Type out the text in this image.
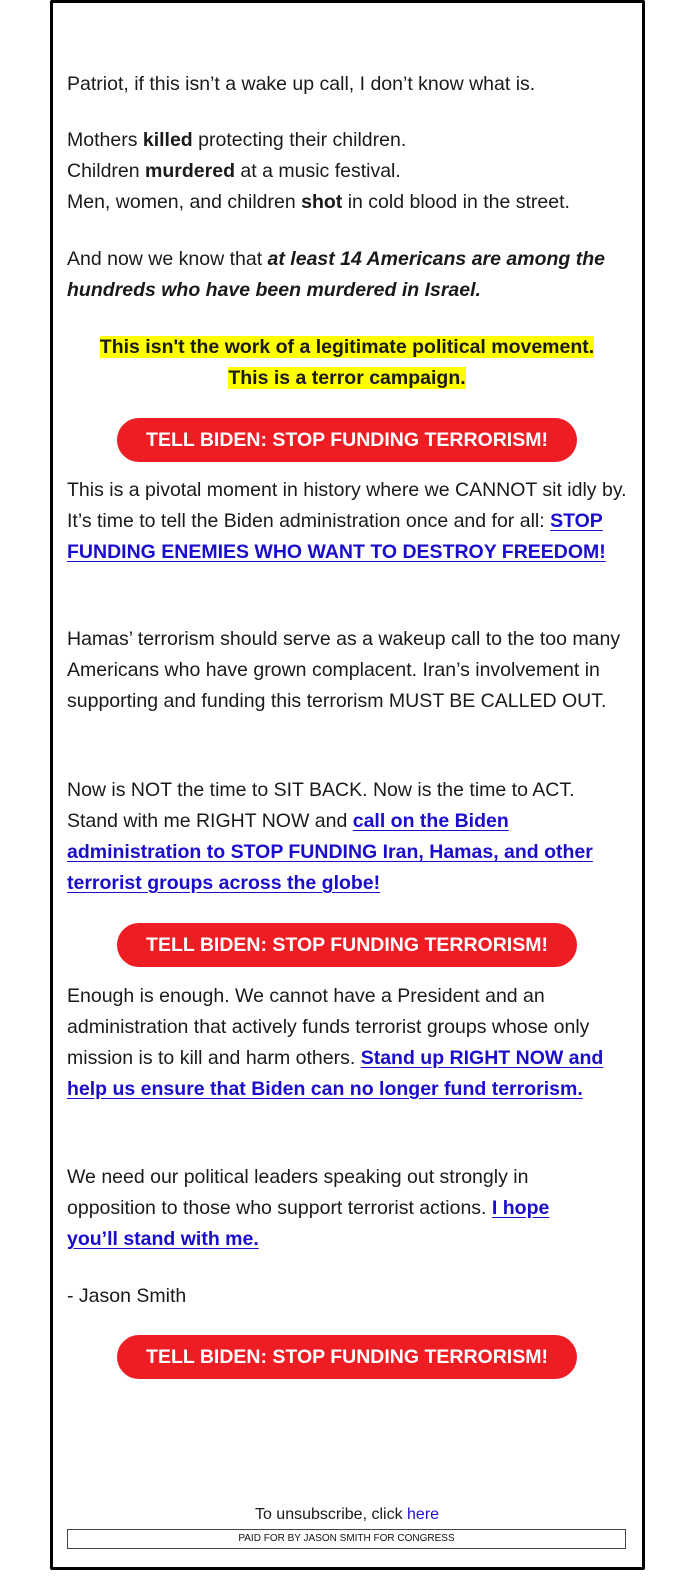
Patriot, if this isn’t a wake up call, I don’t know what is.

Mothers killed protecting their children.
Children murdered at a music festival.
Men, women, and children shot in cold blood in the street.

And now we know that at least 14 Americans are among the hundreds who have been murdered in Israel.

This isn't the work of a legitimate political movement.
This is a terror campaign.
TELL BIDEN: STOP FUNDING TERRORISM!

This is a pivotal moment in history where we CANNOT sit idly by. It’s time to tell the Biden administration once and for all: STOP FUNDING ENEMIES WHO WANT TO DESTROY FREEDOM!

Hamas’ terrorism should serve as a wakeup call to the too many Americans who have grown complacent. Iran’s involvement in supporting and funding this terrorism MUST BE CALLED OUT.

Now is NOT the time to SIT BACK. Now is the time to ACT. Stand with me RIGHT NOW and call on the Biden administration to STOP FUNDING Iran, Hamas, and other terrorist groups across the globe!

TELL BIDEN: STOP FUNDING TERRORISM!

Enough is enough. We cannot have a President and an administration that actively funds terrorist groups whose only mission is to kill and harm others. Stand up RIGHT NOW and help us ensure that Biden can no longer fund terrorism.

We need our political leaders speaking out strongly in opposition to those who support terrorist actions. I hope you’ll stand with me.

- Jason Smith

TELL BIDEN: STOP FUNDING TERRORISM!
To unsubscribe, click here
PAID FOR BY JASON SMITH FOR CONGRESS
